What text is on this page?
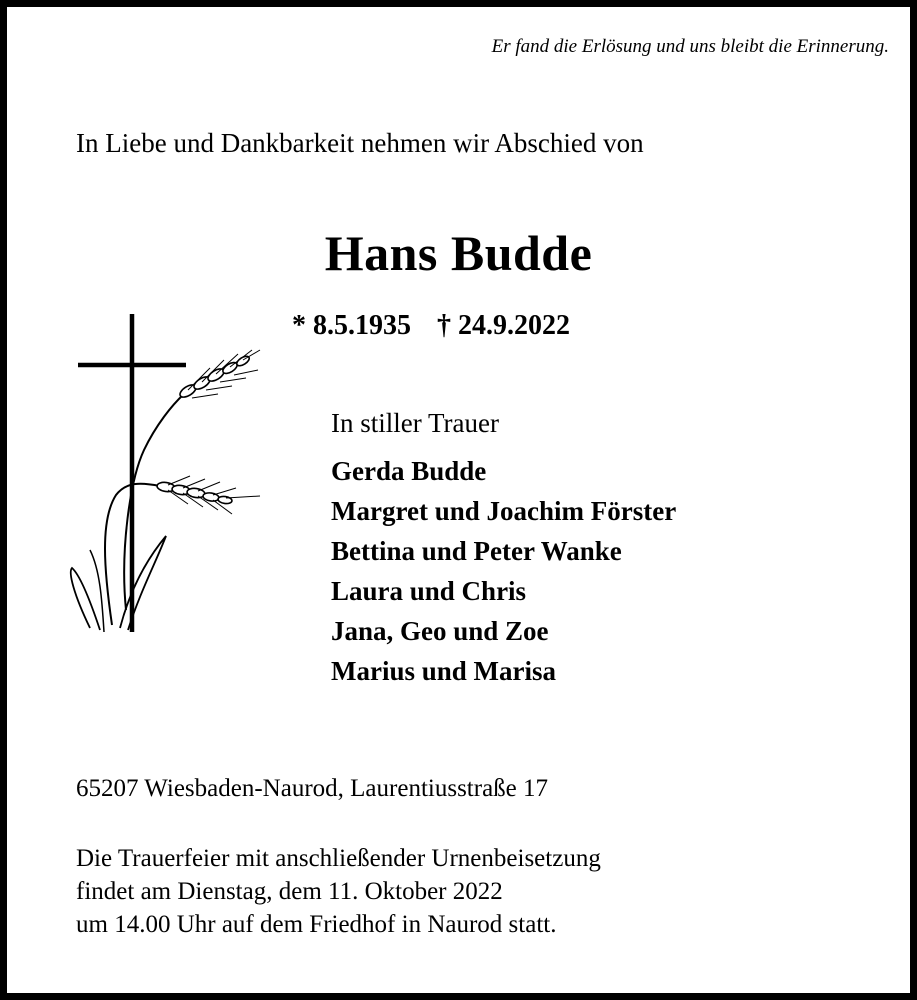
Er fand die Erlösung und uns bleibt die Erinnerung.
In Liebe und Dankbarkeit nehmen wir Abschied von
Hans Budde
* 8.5.1935 † 24.9.2022
In stiller Trauer
Gerda Budde
Margret und Joachim Förster
Bettina und Peter Wanke
Laura und Chris
Jana, Geo und Zoe
Marius und Marisa
65207 Wiesbaden-Naurod, Laurentiusstraße 17
Die Trauerfeier mit anschließender Urnenbeisetzung
findet am Dienstag, dem 11. Oktober 2022
um 14.00 Uhr auf dem Friedhof in Naurod statt.
